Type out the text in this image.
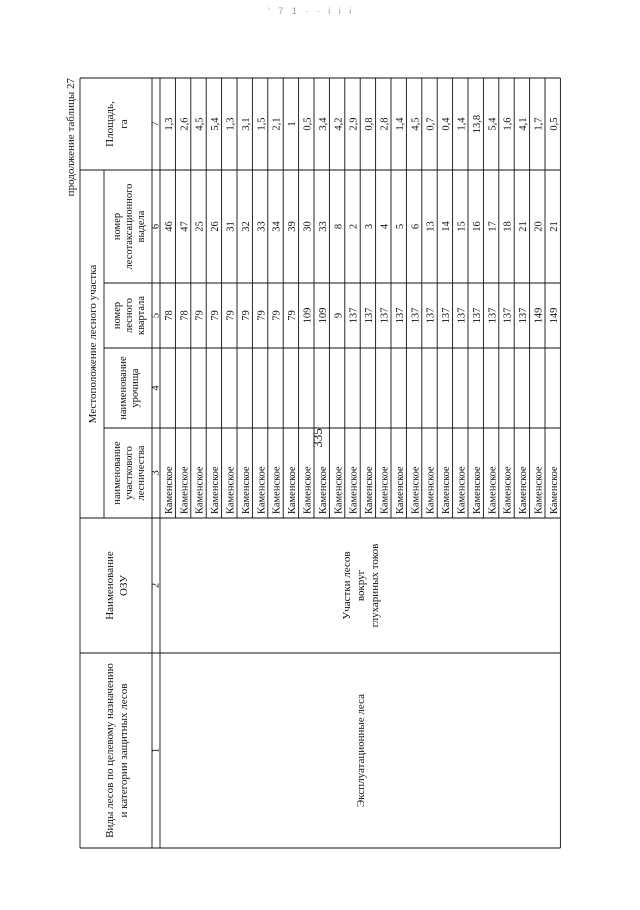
' 7 1 · · i i i
335
продолжение таблицы 27
Виды лесов по целевому назначению и категории защитных лесов
Наименование ОЗУ
Местоположение лесного участка
наименование участкового лесничества
наименование урочища
номер лесного квартала
номер лесотаксационного выдела
Площадь, га
1
2
3
4
5
6
7
Эксплуатационные леса
Участки лесов вокруг глухариных токов
Каменское
78
46
1,3
Каменское
78
47
2,6
Каменское
79
25
4,5
Каменское
79
26
5,4
Каменское
79
31
1,3
Каменское
79
32
3,1
Каменское
79
33
1,5
Каменское
79
34
2,1
Каменское
79
39
1
Каменское
109
30
0,5
Каменское
109
33
3,4
Каменское
9
8
4,2
Каменское
137
2
2,9
Каменское
137
3
0,8
Каменское
137
4
2,8
Каменское
137
5
1,4
Каменское
137
6
4,5
Каменское
137
13
0,7
Каменское
137
14
0,4
Каменское
137
15
1,4
Каменское
137
16
13,8
Каменское
137
17
5,4
Каменское
137
18
1,6
Каменское
137
21
4,1
Каменское
149
20
1,7
Каменское
149
21
0,5
